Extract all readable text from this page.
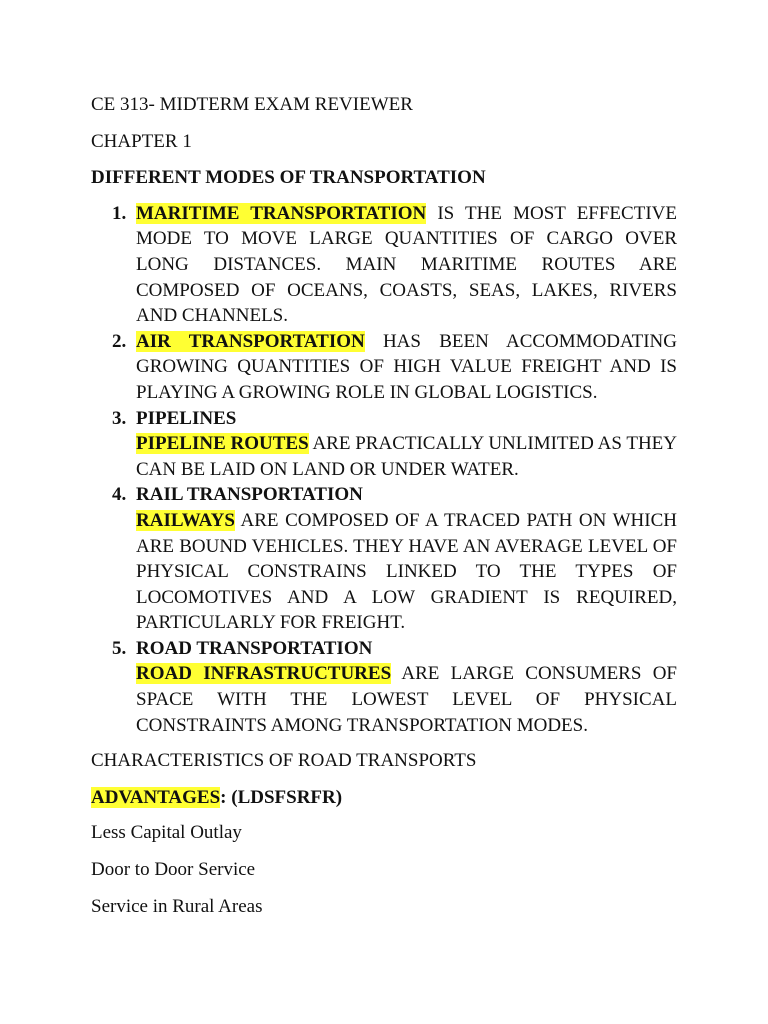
CE 313- MIDTERM EXAM REVIEWER

CHAPTER 1

DIFFERENT MODES OF TRANSPORTATION

1. MARITIME TRANSPORTATION IS THE MOST EFFECTIVE MODE TO MOVE LARGE QUANTITIES OF CARGO OVER LONG DISTANCES. MAIN MARITIME ROUTES ARE COMPOSED OF OCEANS, COASTS, SEAS, LAKES, RIVERS AND CHANNELS.
2. AIR TRANSPORTATION HAS BEEN ACCOMMODATING GROWING QUANTITIES OF HIGH VALUE FREIGHT AND IS PLAYING A GROWING ROLE IN GLOBAL LOGISTICS.
3. PIPELINES
PIPELINE ROUTES ARE PRACTICALLY UNLIMITED AS THEY CAN BE LAID ON LAND OR UNDER WATER.
4. RAIL TRANSPORTATION
RAILWAYS ARE COMPOSED OF A TRACED PATH ON WHICH ARE BOUND VEHICLES. THEY HAVE AN AVERAGE LEVEL OF PHYSICAL CONSTRAINS LINKED TO THE TYPES OF LOCOMOTIVES AND A LOW GRADIENT IS REQUIRED, PARTICULARLY FOR FREIGHT.
5. ROAD TRANSPORTATION
ROAD INFRASTRUCTURES ARE LARGE CONSUMERS OF SPACE WITH THE LOWEST LEVEL OF PHYSICAL CONSTRAINTS AMONG TRANSPORTATION MODES.

CHARACTERISTICS OF ROAD TRANSPORTS

ADVANTAGES: (LDSFSRFR)

Less Capital Outlay

Door to Door Service

Service in Rural Areas
